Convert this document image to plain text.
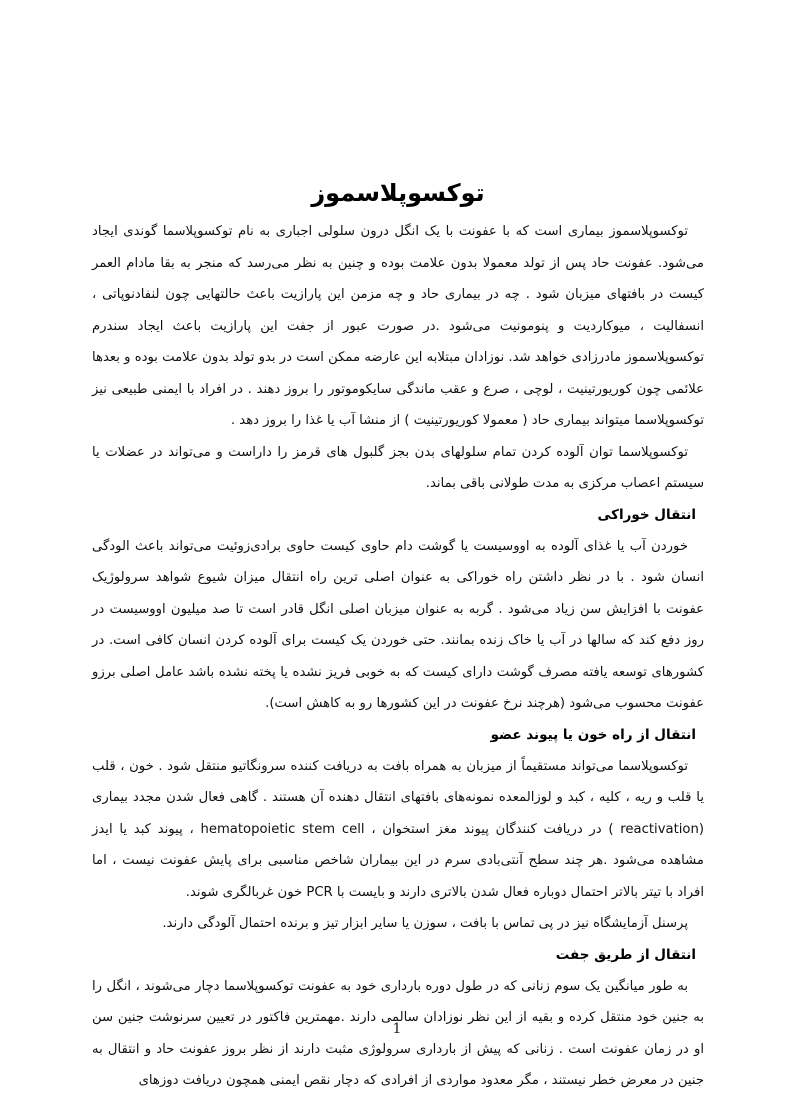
توکسوپلاسموز

توکسوپلاسموز بیماری است که با عفونت با یک انگل درون سلولی اجباری به نام توکسوپلاسما گوندی ایجاد می‌شود. عفونت حاد پس از تولد معمولا بدون علامت بوده و چنین به نظر می‌رسد که منجر به بقا مادام العمر کیست در بافتهای میزبان شود . چه در بیماری حاد و چه مزمن این پارازیت باعث حالتهایی چون لنفادنوپاتی ، انسفالیت ، میوکاردیت و پنومونیت می‌شود .در صورت عبور از جفت این پارازیت باعث ایجاد سندرم توکسوپلاسموز مادرزادی خواهد شد. نوزادان مبتلابه این عارضه ممکن است در بدو تولد بدون علامت بوده و بعدها علائمی چون کوریورتینیت ، لوچی ، صرع و عقب ماندگی سایکوموتور را بروز دهند . در افراد با ایمنی طبیعی نیز توکسوپلاسما میتواند بیماری حاد ( معمولا کوریورتینیت ) از منشا آب یا غذا را بروز دهد .

توکسوپلاسما توان آلوده کردن تمام سلولهای بدن بجز گلبول های قرمز را داراست و می‌تواند در عضلات یا سیستم اعصاب مرکزی به مدت طولانی باقی بماند.

انتقال خوراکی

خوردن آب یا غذای آلوده به اووسیست یا گوشت دام حاوی کیست حاوی برادی‌زوئیت می‌تواند باعث الودگی انسان شود . با در نظر داشتن راه خوراکی به عنوان اصلی ترین راه انتقال میزان شیوع شواهد سرولوژیک عفونت با افزایش سن زیاد می‌شود . گربه به عنوان میزبان اصلی انگل قادر است تا صد میلیون اووسیست در روز دفع کند که سالها در آب یا خاک زنده بمانند. حتی خوردن یک کیست برای آلوده کردن انسان کافی است. در کشورهای توسعه یافته مصرف گوشت دارای کیست که به خوبی فریز نشده یا پخته نشده باشد عامل اصلی برزو عفونت محسوب می‌شود (هرچند نرخ عفونت در این کشورها رو به کاهش است).

انتقال از راه خون یا پیوند عضو

توکسوپلاسما می‌تواند مستقیماً از میزبان به همراه بافت به دریافت کننده سرونگاتیو منتقل شود . خون ، قلب یا قلب و ریه ، کلیه ، کبد و لوزالمعده نمونه‌های بافتهای انتقال دهنده آن هستند . گاهی فعال شدن مجدد بیماری (reactivation ) در دریافت کنندگان پیوند مغز استخوان ، hematopoietic stem cell ، پیوند کبد یا ایدز مشاهده می‌شود .هر چند سطح آنتی‌بادی سرم در این بیماران شاخص مناسبی برای پایش عفونت نیست ، اما افراد با تیتر بالاتر احتمال دوباره فعال شدن بالاتری دارند و بایست با PCR خون غربالگری شوند.

پرسنل آزمایشگاه نیز در پی تماس با بافت ، سوزن یا سایر ابزار تیز و برنده احتمال آلودگی دارند.

انتقال از طریق جفت

به طور میانگین یک سوم زنانی که در طول دوره بارداری خود به عفونت توکسوپلاسما دچار می‌شوند ، انگل را به جنین خود منتقل کرده و بقیه از این نظر نوزادان سالمی دارند .مهمترین فاکتور در تعیین سرنوشت جنین سن او در زمان عفونت است . زنانی که پیش از بارداری سرولوژی مثبت دارند از نظر بروز عفونت حاد و انتقال به جنین در معرض خطر نیستند ، مگر معدود مواردی از افرادی که دچار نقص ایمنی همچون دریافت دوزهای

1
